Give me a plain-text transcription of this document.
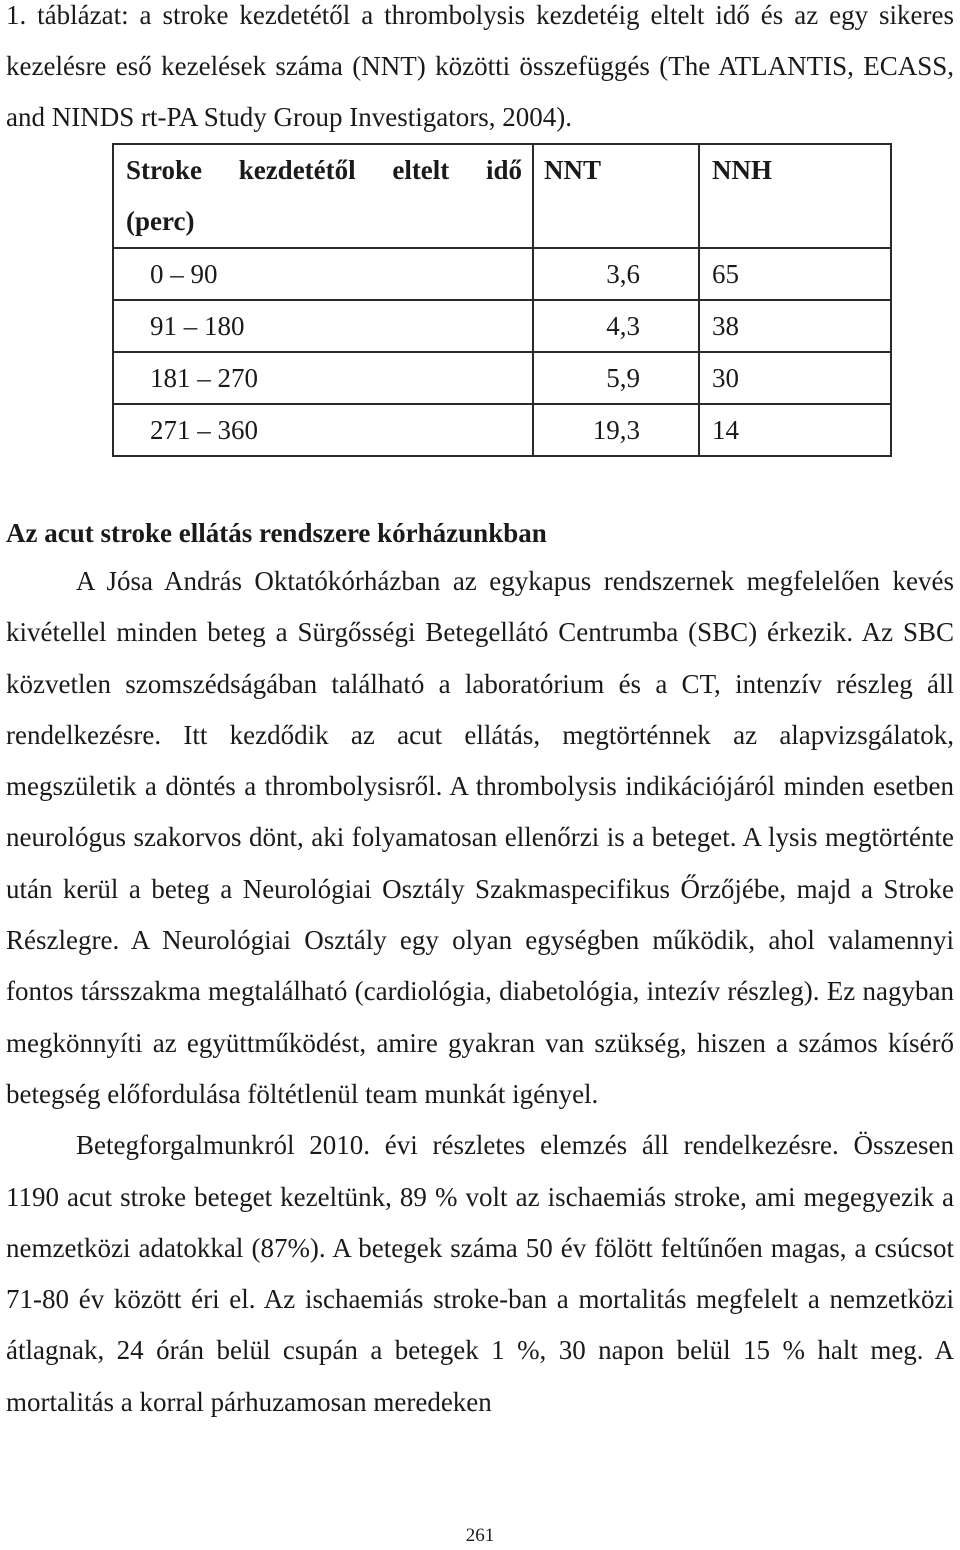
1. táblázat: a stroke kezdetétől a thrombolysis kezdetéig eltelt idő és az egy sikeres kezelésre eső kezelések száma (NNT) közötti összefüggés (The ATLANTIS, ECASS, and NINDS rt-PA Study Group Investigators, 2004).

Stroke kezdetétől eltelt idő
(perc)	NNT	NNH
0 – 90	3,6	65
91 – 180	4,3	38
181 – 270	5,9	30
271 – 360	19,3	14
Az acut stroke ellátás rendszere kórházunkban

A Jósa András Oktatókórházban az egykapus rendszernek megfelelően kevés kivétellel minden beteg a Sürgősségi Betegellátó Centrumba (SBC) érkezik. Az SBC közvetlen szomszédságában található a laboratórium és a CT, intenzív részleg áll rendelkezésre. Itt kezdődik az acut ellátás, megtörténnek az alapvizsgálatok, megszületik a döntés a thrombolysisről. A thrombolysis indikációjáról minden esetben neurológus szakorvos dönt, aki folyamatosan ellenőrzi is a beteget. A lysis megtörténte után kerül a beteg a Neurológiai Osztály Szakmaspecifikus Őrzőjébe, majd a Stroke Részlegre. A Neurológiai Osztály egy olyan egységben működik, ahol valamennyi fontos társszakma megtalálható (cardiológia, diabetológia, intezív részleg). Ez nagyban megkönnyíti az együttműködést, amire gyakran van szükség, hiszen a számos kísérő betegség előfordulása föltétlenül team munkát igényel.

Betegforgalmunkról 2010. évi részletes elemzés áll rendelkezésre. Összesen 1190 acut stroke beteget kezeltünk, 89 % volt az ischaemiás stroke, ami megegyezik a nemzetközi adatokkal (87%). A betegek száma 50 év fölött feltűnően magas, a csúcsot 71-80 év között éri el. Az ischaemiás stroke-ban a mortalitás megfelelt a nemzetközi átlagnak, 24 órán belül csupán a betegek 1 %, 30 napon belül 15 % halt meg. A mortalitás a korral párhuzamosan meredeken

261
